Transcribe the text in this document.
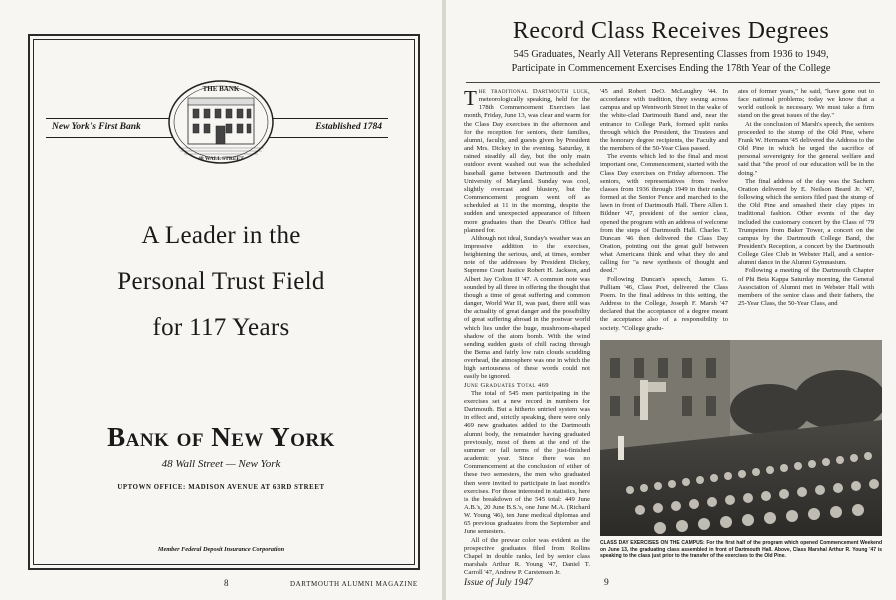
New York's First Bank	Established 1784
THE BANK
48 WALL STREET
A Leader in the
Personal Trust Field
for 117 Years
Bank of New York
48 Wall Street — New York
UPTOWN OFFICE: MADISON AVENUE AT 63RD STREET
Member Federal Deposit Insurance Corporation
8	DARTMOUTH ALUMNI MAGAZINE
Record Class Receives Degrees
545 Graduates, Nearly All Veterans Representing Classes from 1936 to 1949,
Participate in Commencement Exercises Ending the 178th Year of the College

The traditional Dartmouth luck, meteorologically speaking, held for the 178th Commencement Exercises last month, Friday, June 13, was clear and warm for the Class Day exercises in the afternoon and for the reception for seniors, their families, alumni, faculty, and guests given by President and Mrs. Dickey in the evening. Saturday, it rained steadily all day, but the only main outdoor event washed out was the scheduled baseball game between Dartmouth and the University of Maryland. Sunday was cool, slightly overcast and blustery, but the Commencement program went off as scheduled at 11 in the morning, despite the sudden and unexpected appearance of fifteen more graduates than the Dean's Office had planned for.

Although not ideal, Sunday's weather was an impressive addition to the exercises, heightening the serious, and, at times, somber note of the addresses by President Dickey, Supreme Court Justice Robert H. Jackson, and Albert Jay Colton II '47. A common note was sounded by all three in offering the thought that though a time of great suffering and common danger, World War II, was past, there still was the actuality of great danger and the possibility of great suffering abroad in the postwar world which lies under the huge, mushroom-shaped shadow of the atom bomb. With the wind sending sudden gusts of chill racing through the Bema and fairly low rain clouds scudding overhead, the atmosphere was one in which the high seriousness of these words could not easily be ignored.

June Graduates Total 469

The total of 545 men participating in the exercises set a new record in numbers for Dartmouth. But a hitherto untried system was in effect and, strictly speaking, there were only 469 new graduates added to the Dartmouth alumni body, the remainder having graduated previously, most of them at the end of the summer or fall terms of the just-finished academic year. Since there was no Commencement at the conclusion of either of these two semesters, the men who graduated then were invited to participate in last month's exercises. For those interested in statistics, here is the breakdown of the 545 total: 449 June A.B.'s, 20 June B.S.'s, one June M.A. (Richard W. Young '46), ten June medical diplomas and 65 previous graduates from the September and June semesters.

All of the prewar color was evident as the prospective graduates filed from Rollins Chapel in double ranks, led by senior class marshals Arthur R. Young '47, Daniel T. Carroll '47, Andrew P. Carstensen Jr.

'45 and Robert DeO. McLaughry '44. In accordance with tradition, they swung across campus and up Wentworth Street in the wake of the white-clad Dartmouth Band and, near the entrance to College Park, formed split ranks through which the President, the Trustees and the honorary degree recipients, the Faculty and the members of the 50-Year Class passed.

The events which led to the final and most important one, Commencement, started with the Class Day exercises on Friday afternoon. The seniors, with representatives from twelve classes from 1936 through 1949 in their ranks, formed at the Senior Fence and marched to the lawn in front of Dartmouth Hall. There Allen I. Bildner '47, president of the senior class, opened the program with an address of welcome from the steps of Dartmouth Hall. Charles T. Duncan '46 then delivered the Class Day Oration, pointing out the great gulf between what Americans think and what they do and calling for "a new synthesis of thought and deed."

Following Duncan's speech, James G. Pulliam '46, Class Poet, delivered the Class Poem. In the final address in this setting, the Address to the College, Joseph F. Marsh '47 declared that the acceptance of a degree meant the acceptance also of a responsibility to society. "College gradu-

ates of former years," he said, "have gone out to face national problems; today we know that a world outlook is necessary. We must take a firm stand on the great issues of the day."

At the conclusion of Marsh's speech, the seniors proceeded to the stump of the Old Pine, where Frank W. Hermann '45 delivered the Address to the Old Pine in which he urged the sacrifice of personal sovereignty for the general welfare and said that "the proof of our education will be in the doing."

The final address of the day was the Sachem Oration delivered by E. Neilson Beard Jr. '47, following which the seniors filed past the stump of the Old Pine and smashed their clay pipes in traditional fashion. Other events of the day included the customary concert by the Class of '79 Trumpeters from Baker Tower, a concert on the campus by the Dartmouth College Band, the President's Reception, a concert by the Dartmouth College Glee Club in Webster Hall, and a senior-alumni dance in the Alumni Gymnasium.

Following a meeting of the Dartmouth Chapter of Phi Beta Kappa Saturday morning, the General Association of Alumni met in Webster Hall with members of the senior class and their fathers, the 25-Year Class, the 50-Year Class, and

CLASS DAY EXERCISES ON THE CAMPUS: For the first half of the program which opened Commencement Weekend on June 13, the graduating class assembled in front of Dartmouth Hall. Above, Class Marshal Arthur R. Young '47 is speaking to the class just prior to the transfer of the exercises to the Old Pine.
Issue of July 1947	9
